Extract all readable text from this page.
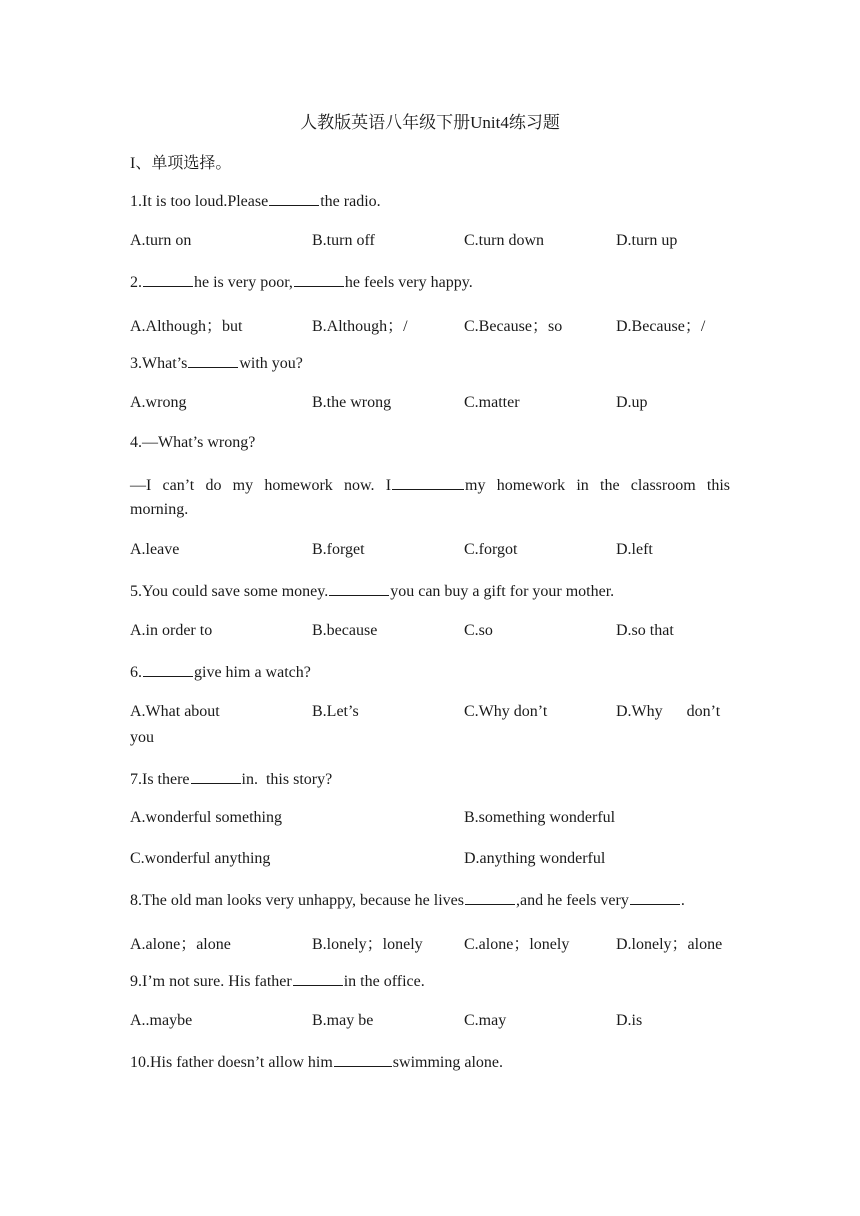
人教版英语八年级下册Unit4练习题
I、单项选择。
1.It is too loud.Please	the radio.
A.turn on	B.turn off	C.turn down	D.turn up
2.	he is very poor,	he feels very happy.
A.Although；but	B.Although；/	C.Because；so	D.Because；/
3.What’s	with you?
A.wrong	B.the wrong	C.matter	D.up
4.—What’s wrong?
—I can’t do my homework now. I	my homework in the classroom this
morning.
A.leave	B.forget	C.forgot	D.left
5.You could save some money.	you can buy a gift for your mother.
A.in order to	B.because	C.so	D.so that
6.	give him a watch?
A.What about	B.Let’s	C.Why don’t	D.Why      don’t
you
7.Is there	in.  this story?
A.wonderful something	B.something wonderful
C.wonderful anything	D.anything wonderful
8.The old man looks very unhappy, because he lives	,and he feels very	.
A.alone；alone	B.lonely；lonely	C.alone；lonely	D.lonely；alone
9.I’m not sure. His father	in the office.
A..maybe	B.may be	C.may	D.is
10.His father doesn’t allow him	swimming alone.
